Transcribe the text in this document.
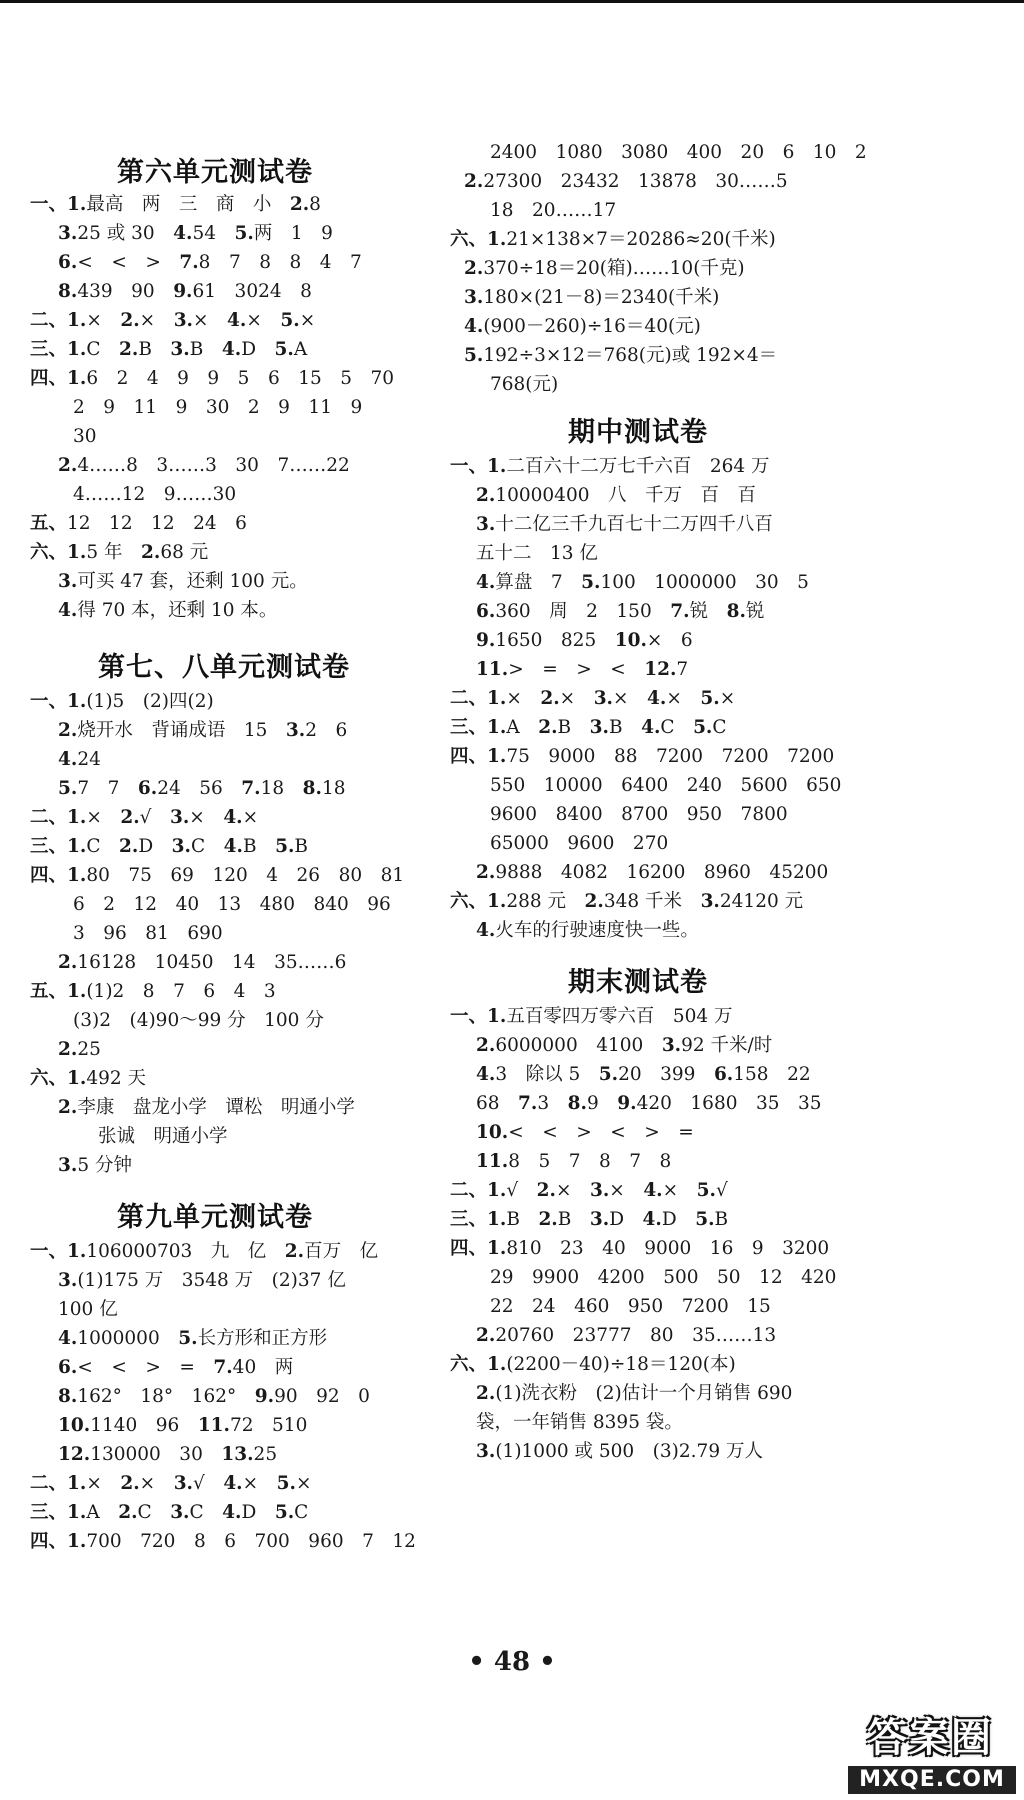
第六单元测试卷
第七、八单元测试卷
第九单元测试卷
一、1.最高　两　三　商　小　2.8
3.25 或 30　4.54　5.两　1　9
6.<　<　>　7.8　7　8　8　4　7
8.439　90　9.61　3024　8
二、1.×　2.×　3.×　4.×　5.×
三、1.C　2.B　3.B　4.D　5.A
四、1.6　2　4　9　9　5　6　15　5　70
2　9　11　9　30　2　9　11　9
30
2.4……8　3……3　30　7……22
4……12　9……30
五、12　12　12　24　6
六、1.5 年　2.68 元
3.可买 47 套，还剩 100 元。
4.得 70 本，还剩 10 本。
一、1.(1)5　(2)四(2)
2.烧开水　背诵成语　15　3.2　6
4.24
5.7　7　6.24　56　7.18　8.18
二、1.×　2.√　3.×　4.×
三、1.C　2.D　3.C　4.B　5.B
四、1.80　75　69　120　4　26　80　81
6　2　12　40　13　480　840　96
3　96　81　690
2.16128　10450　14　35……6
五、1.(1)2　8　7　6　4　3
(3)2　(4)90～99 分　100 分
2.25
六、1.492 天
2.李康　盘龙小学　谭松　明通小学
张诚　明通小学
3.5 分钟
一、1.106000703　九　亿　2.百万　亿
3.(1)175 万　3548 万　(2)37 亿
100 亿
4.1000000　5.长方形和正方形
6.<　<　>　=　7.40　两
8.162°　18°　162°　9.90　92　0
10.1140　96　11.72　510
12.130000　30　13.25
二、1.×　2.×　3.√　4.×　5.×
三、1.A　2.C　3.C　4.D　5.C
四、1.700　720　8　6　700　960　7　12
期中测试卷
期末测试卷
2400　1080　3080　400　20　6　10　2
2.27300　23432　13878　30……5
18　20……17
六、1.21×138×7＝20286≈20(千米)
2.370÷18＝20(箱)……10(千克)
3.180×(21－8)＝2340(千米)
4.(900－260)÷16＝40(元)
5.192÷3×12＝768(元)或 192×4＝
768(元)
一、1.二百六十二万七千六百　264 万
2.10000400　八　千万　百　百
3.十二亿三千九百七十二万四千八百
五十二　13 亿
4.算盘　7　5.100　1000000　30　5
6.360　周　2　150　7.锐　8.锐
9.1650　825　10.×　6
11.>　=　>　<　12.7
二、1.×　2.×　3.×　4.×　5.×
三、1.A　2.B　3.B　4.C　5.C
四、1.75　9000　88　7200　7200　7200
550　10000　6400　240　5600　650
9600　8400　8700　950　7800
65000　9600　270
2.9888　4082　16200　8960　45200
六、1.288 元　2.348 千米　3.24120 元
4.火车的行驶速度快一些。
一、1.五百零四万零六百　504 万
2.6000000　4100　3.92 千米/时
4.3　除以 5　5.20　399　6.158　22
68　7.3　8.9　9.420　1680　35　35
10.<　<　>　<　>　=
11.8　5　7　8　7　8
二、1.√　2.×　3.×　4.×　5.√
三、1.B　2.B　3.D　4.D　5.B
四、1.810　23　40　9000　16　9　3200
29　9900　4200　500　50　12　420
22　24　460　950　7200　15
2.20760　23777　80　35……13
六、1.(2200－40)÷18＝120(本)
2.(1)洗衣粉　(2)估计一个月销售 690
袋，一年销售 8395 袋。
3.(1)1000 或 500　(3)2.79 万人
• 48 •
答案圈
MXQE.COM
